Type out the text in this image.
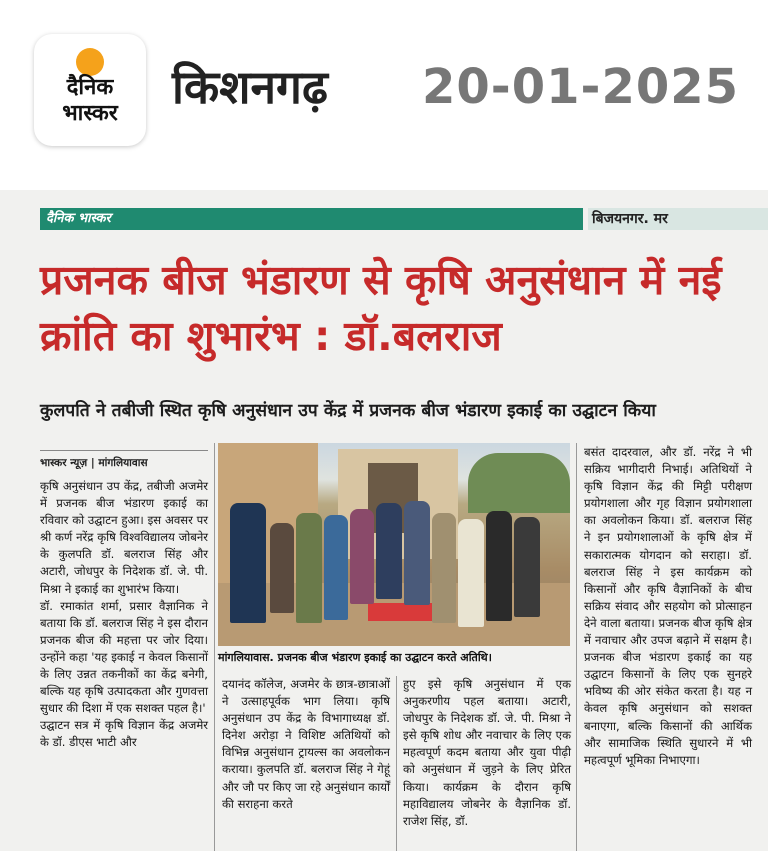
दैनिक
भास्कर	किशनगढ़ 20-01-2025
दैनिक भास्कर	बिजयनगर. मर
प्रजनक बीज भंडारण से कृषि अनुसंधान में नई क्रांति का शुभारंभ : डॉ.बलराज
कुलपति ने तबीजी स्थित कृषि अनुसंधान उप केंद्र में प्रजनक बीज भंडारण इकाई का उद्घाटन किया
भास्कर न्यूज़ | मांगलियावास

कृषि अनुसंधान उप केंद्र, तबीजी अजमेर में प्रजनक बीज भंडारण इकाई का रविवार को उद्घाटन हुआ। इस अवसर पर श्री कर्ण नरेंद्र कृषि विश्वविद्यालय जोबनेर के कुलपति डॉ. बलराज सिंह और अटारी, जोधपुर के निदेशक डॉ. जे. पी. मिश्रा ने इकाई का शुभारंभ किया।

डॉ. रमाकांत शर्मा, प्रसार वैज्ञानिक ने बताया कि डॉ. बलराज सिंह ने इस दौरान प्रजनक बीज की महत्ता पर जोर दिया। उन्होंने कहा 'यह इकाई न केवल किसानों के लिए उन्नत तकनीकों का केंद्र बनेगी, बल्कि यह कृषि उत्पादकता और गुणवत्ता सुधार की दिशा में एक सशक्त पहल है।'

उद्घाटन सत्र में कृषि विज्ञान केंद्र अजमेर के डॉ. डीएस भाटी और

मांगलियावास. प्रजनक बीज भंडारण इकाई का उद्घाटन करते अतिथि।
दयानंद कॉलेज, अजमेर के छात्र-छात्राओं ने उत्साहपूर्वक भाग लिया। कृषि अनुसंधान उप केंद्र के विभागाध्यक्ष डॉ. दिनेश अरोड़ा ने विशिष्ट अतिथियों को विभिन्न अनुसंधान ट्रायल्स का अवलोकन कराया। कुलपति डॉ. बलराज सिंह ने गेहूं और जौ पर किए जा रहे अनुसंधान कार्यों की सराहना करते
हुए इसे कृषि अनुसंधान में एक अनुकरणीय पहल बताया। अटारी, जोधपुर के निदेशक डॉ. जे. पी. मिश्रा ने इसे कृषि शोध और नवाचार के लिए एक महत्वपूर्ण कदम बताया और युवा पीढ़ी को अनुसंधान में जुड़ने के लिए प्रेरित किया। कार्यक्रम के दौरान कृषि महाविद्यालय जोबनेर के वैज्ञानिक डॉ. राजेश सिंह, डॉ.
बसंत दादरवाल, और डॉ. नरेंद्र ने भी सक्रिय भागीदारी निभाई। अतिथियों ने कृषि विज्ञान केंद्र की मिट्टी परीक्षण प्रयोगशाला और गृह विज्ञान प्रयोगशाला का अवलोकन किया। डॉ. बलराज सिंह ने इन प्रयोगशालाओं के कृषि क्षेत्र में सकारात्मक योगदान को सराहा। डॉ. बलराज सिंह ने इस कार्यक्रम को किसानों और कृषि वैज्ञानिकों के बीच सक्रिय संवाद और सहयोग को प्रोत्साहन देने वाला बताया। प्रजनक बीज कृषि क्षेत्र में नवाचार और उपज बढ़ाने में सक्षम है। प्रजनक बीज भंडारण इकाई का यह उद्घाटन किसानों के लिए एक सुनहरे भविष्य की ओर संकेत करता है। यह न केवल कृषि अनुसंधान को सशक्त बनाएगा, बल्कि किसानों की आर्थिक और सामाजिक स्थिति सुधारने में भी महत्वपूर्ण भूमिका निभाएगा।
